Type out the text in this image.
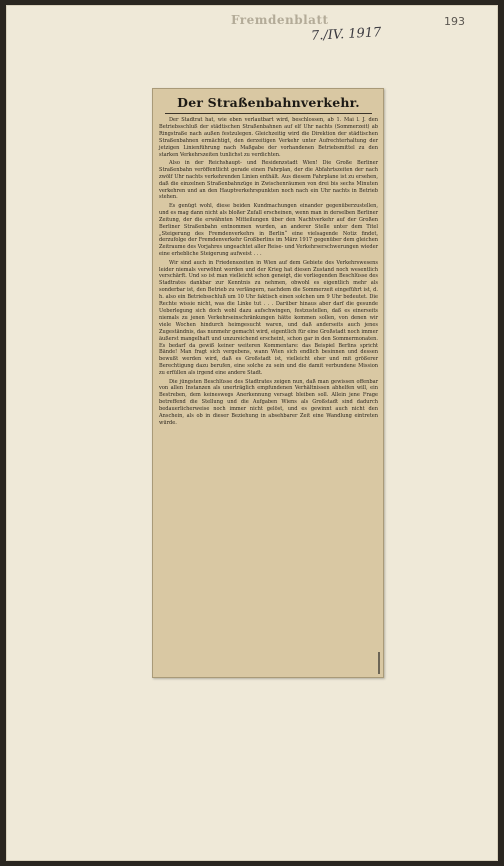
Fremdenblatt
7./IV. 1917
193
Der Straßenbahnverkehr.

Der Stadtrat hat, wie eben verlautbart wird, beschlossen, ab 1. Mai l. J. den Betriebsschluß der städtischen Straßenbahnen auf elf Uhr nachts (Sommerzeit) ab Ringstraße nach außen festzulegen. Gleichzeitig wird die Direktion der städtischen Straßenbahnen ermächtigt, den derzeitigen Verkehr unter Aufrechterhaltung der jetzigen Linienführung nach Maßgabe der vorhandenen Betriebsmittel zu den starken Verkehrszeiten tunlichst zu verdichten.

Also in der Reichshaupt- und Residenzstadt Wien! Die Große Berliner Straßenbahn veröffentlicht gerade einen Fahrplan, der die Abfahrtszeiten der nach zwölf Uhr nachts verkehrenden Linien enthält. Aus diesem Fahrplane ist zu ersehen, daß die einzelnen Straßenbahnzüge in Zwischenräumen von drei bis sechs Minuten verkehren und an den Hauptverkehrspunkten noch nach ein Uhr nachts in Betrieb stehen.

Es genügt wohl, diese beiden Kundmachungen einander gegenüberzustellen, und es mag dann nicht als bloßer Zufall erscheinen, wenn man in derselben Berliner Zeitung, der die erwähnten Mitteilungen über den Nachtverkehr auf der Großen Berliner Straßenbahn entnommen wurden, an anderer Stelle unter dem Titel „Steigerung des Fremdenverkehrs in Berlin“ eine vielsagende Notiz findet, derzufolge der Fremdenverkehr Großberlins im März 1917 gegenüber dem gleichen Zeitraume des Vorjahres ungeachtet aller Reise- und Verkehrserschwerungen wieder eine erhebliche Steigerung aufweist . . .

Wir sind auch in Friedenszeiten in Wien auf dem Gebiete des Verkehrswesens leider niemals verwöhnt worden und der Krieg hat diesen Zustand noch wesentlich verschärft. Und so ist man vielleicht schon geneigt, die vorliegenden Beschlüsse des Stadtrates dankbar zur Kenntnis zu nehmen, obwohl es eigentlich mehr als sonderbar ist, den Betrieb zu verlängern, nachdem die Sommerzeit eingeführt ist, d. h. also ein Betriebsschluß um 10 Uhr faktisch einen solchen um 9 Uhr bedeutet. Die Rechte wissie nicht, was die Linke tut . . . Darüber hinaus aber darf die gesunde Ueberlegung sich doch wohl dazu aufschwingen, festzustellen, daß es einerseits niemals zu jenen Verkehrseinschränkungen hätte kommen sollen, von denen wir viele Wochen hindurch heimgesucht waren, und daß anderseits auch jenes Zugeständnis, das nunmehr gemacht wird, eigentlich für eine Großstadt noch immer äußerst mangelhaft und unzureichend erscheint, schon gar in den Sommermonaten. Es bedarf da gewiß keiner weiteren Kommentare: das Beispiel Berlins spricht Bände! Man fragt sich vergebens, wann Wien sich endlich besinnen und dessen bewußt werden wird, daß es Großstadt ist, vielleicht eher und mit größerer Berechtigung dazu berufen, eine solche zu sein und die damit verbundene Mission zu erfüllen als irgend eine andere Stadt.

Die jüngsten Beschlüsse des Stadtrates zeigen nun, daß man gewissen offenbar von allen Instanzen als unerträglich empfundenen Verhältnissen abhelfen will, ein Bestreben, dem keineswegs Anerkennung versagt bleiben soll. Allein jene Frage betreffend die Stellung und die Aufgaben Wiens als Großstadt sind dadurch bedauerlicherweise noch immer nicht gelöst, und es gewinnt auch nicht den Anschein, als ob in dieser Beziehung in absehbarer Zeit eine Wandlung eintreten würde.
